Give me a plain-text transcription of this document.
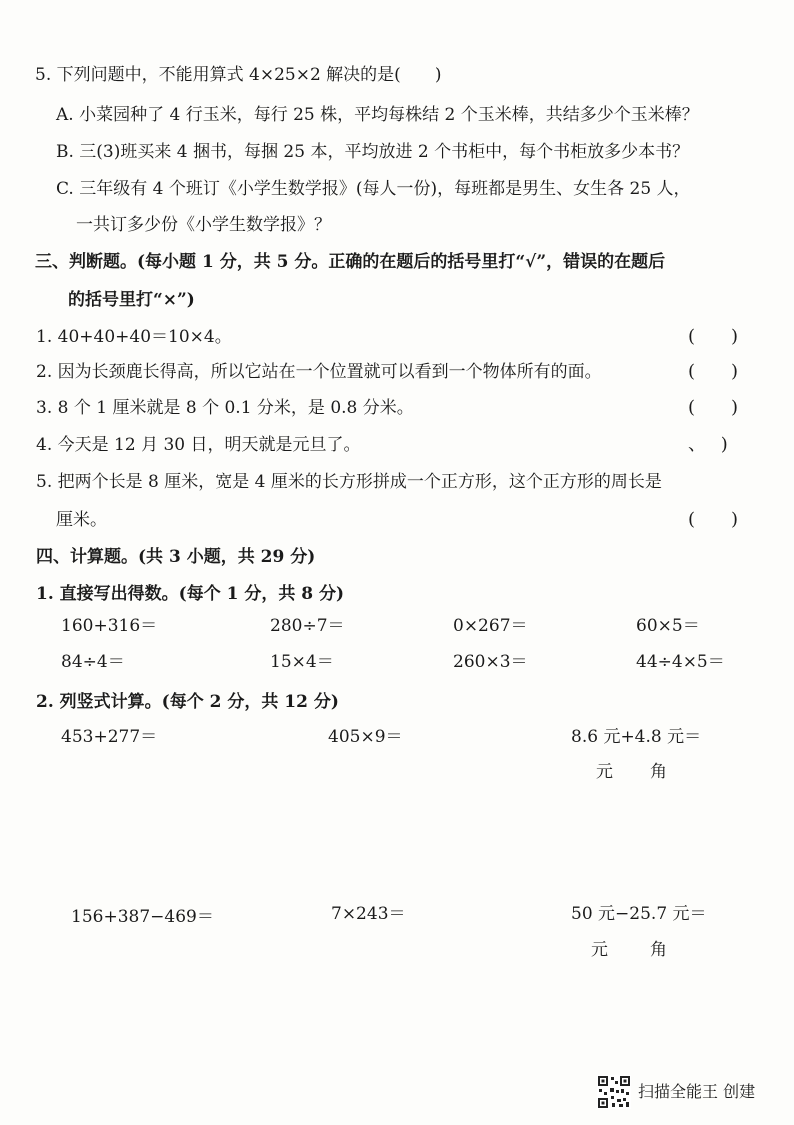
5. 下列问题中，不能用算式 4×25×2 解决的是(　　)
A. 小菜园种了 4 行玉米，每行 25 株，平均每株结 2 个玉米棒，共结多少个玉米棒？
B. 三(3)班买来 4 捆书，每捆 25 本，平均放进 2 个书柜中，每个书柜放多少本书？
C. 三年级有 4 个班订《小学生数学报》(每人一份)，每班都是男生、女生各 25 人，
一共订多少份《小学生数学报》？
三、判断题。(每小题 1 分，共 5 分。正确的在题后的括号里打“√”，错误的在题后
的括号里打“×”)
1. 40+40+40＝10×4。	(　　)
2. 因为长颈鹿长得高，所以它站在一个位置就可以看到一个物体所有的面。	(　　)
3. 8 个 1 厘米就是 8 个 0.1 分米，是 0.8 分米。	(　　)
4. 今天是 12 月 30 日，明天就是元旦了。	、　 )
5. 把两个长是 8 厘米，宽是 4 厘米的长方形拼成一个正方形，这个正方形的周长是
厘米。	(　　)
四、计算题。(共 3 小题，共 29 分)
1. 直接写出得数。(每个 1 分，共 8 分)
160+316＝	280÷7＝	0×267＝	60×5＝
84÷4＝	15×4＝	260×3＝	44÷4×5＝
2. 列竖式计算。(每个 2 分，共 12 分)
453+277＝	405×9＝	8.6 元+4.8 元＝
元 角
156+387−469＝	7×243＝	50 元−25.7 元＝
元 角
扫描全能王 创建
